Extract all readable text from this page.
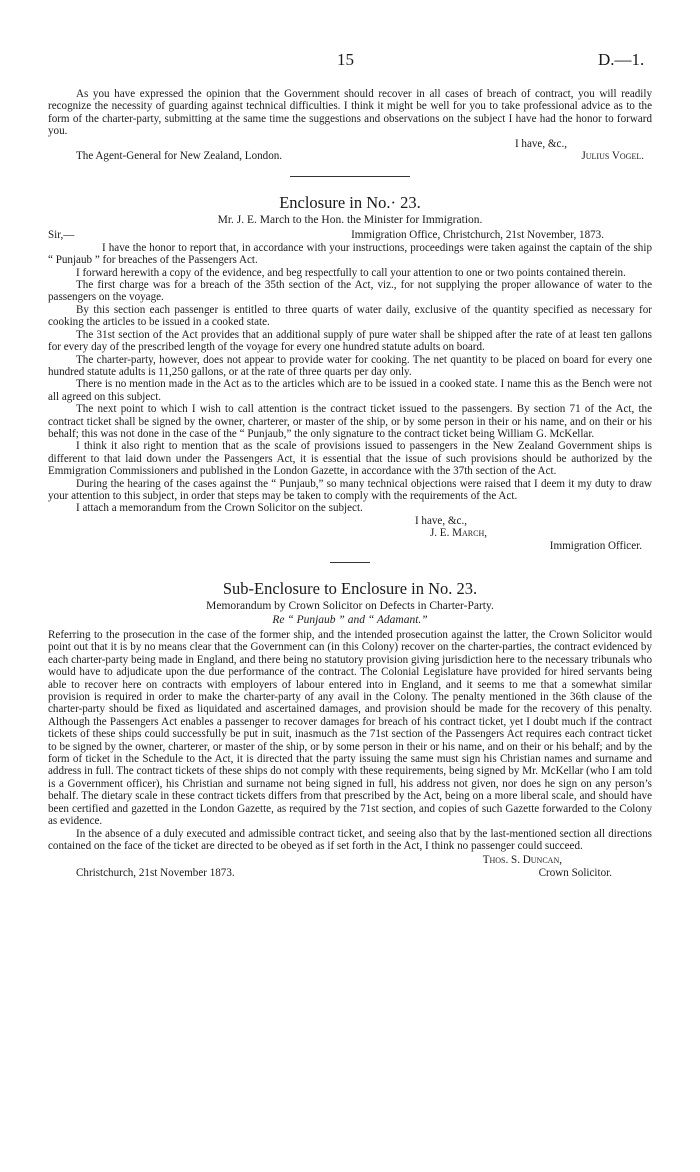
15	D.—1.

As you have expressed the opinion that the Government should recover in all cases of breach of contract, you will readily recognize the necessity of guarding against technical difficulties. I think it might be well for you to take professional advice as to the form of the charter-party, submitting at the same time the suggestions and observations on the subject I have had the honor to forward you.

I have, &c.,

The Agent-General for New Zealand, London.	Julius Vogel.
Enclosure in No.· 23.
Mr. J. E. March to the Hon. the Minister for Immigration.
Sir,—	Immigration Office, Christchurch, 21st November, 1873.

I have the honor to report that, in accordance with your instructions, proceedings were taken against the captain of the ship “ Punjaub ” for breaches of the Passengers Act.

I forward herewith a copy of the evidence, and beg respectfully to call your attention to one or two points contained therein.

The first charge was for a breach of the 35th section of the Act, viz., for not supplying the proper allowance of water to the passengers on the voyage.

By this section each passenger is entitled to three quarts of water daily, exclusive of the quantity specified as necessary for cooking the articles to be issued in a cooked state.

The 31st section of the Act provides that an additional supply of pure water shall be shipped after the rate of at least ten gallons for every day of the prescribed length of the voyage for every one hundred statute adults on board.

The charter-party, however, does not appear to provide water for cooking. The net quantity to be placed on board for every one hundred statute adults is 11,250 gallons, or at the rate of three quarts per day only.

There is no mention made in the Act as to the articles which are to be issued in a cooked state. I name this as the Bench were not all agreed on this subject.

The next point to which I wish to call attention is the contract ticket issued to the passengers. By section 71 of the Act, the contract ticket shall be signed by the owner, charterer, or master of the ship, or by some person in their or his name, and on their or his behalf; this was not done in the case of the “ Punjaub,” the only signature to the contract ticket being William G. McKellar.

I think it also right to mention that as the scale of provisions issued to passengers in the New Zealand Government ships is different to that laid down under the Passengers Act, it is essential that the issue of such provisions should be authorized by the Emmigration Commissioners and published in the London Gazette, in accordance with the 37th section of the Act.

During the hearing of the cases against the “ Punjaub,” so many technical objections were raised that I deem it my duty to draw your attention to this subject, in order that steps may be taken to comply with the requirements of the Act.

I attach a memorandum from the Crown Solicitor on the subject.

I have, &c.,

J. E. March,

Immigration Officer.

Sub-Enclosure to Enclosure in No. 23.
Memorandum by Crown Solicitor on Defects in Charter-Party.
Re “ Punjaub ” and “ Adamant.”

Referring to the prosecution in the case of the former ship, and the intended prosecution against the latter, the Crown Solicitor would point out that it is by no means clear that the Government can (in this Colony) recover on the charter-parties, the contract evidenced by each charter-party being made in England, and there being no statutory provision giving jurisdiction here to the necessary tribunals who would have to adjudicate upon the due performance of the contract. The Colonial Legislature have provided for hired servants being able to recover here on contracts with employers of labour entered into in England, and it seems to me that a somewhat similar provision is required in order to make the charter-party of any avail in the Colony. The penalty mentioned in the 36th clause of the charter-party should be fixed as liquidated and ascertained damages, and provision should be made for the recovery of this penalty. Although the Passengers Act enables a passenger to recover damages for breach of his contract ticket, yet I doubt much if the contract tickets of these ships could successfully be put in suit, inasmuch as the 71st section of the Passengers Act requires each contract ticket to be signed by the owner, charterer, or master of the ship, or by some person in their or his name, and on their or his behalf; and by the form of ticket in the Schedule to the Act, it is directed that the party issuing the same must sign his Christian names and surname and address in full. The contract tickets of these ships do not comply with these requirements, being signed by Mr. McKellar (who I am told is a Government officer), his Christian and surname not being signed in full, his address not given, nor does he sign on any person’s behalf. The dietary scale in these contract tickets differs from that prescribed by the Act, being on a more liberal scale, and should have been certified and gazetted in the London Gazette, as required by the 71st section, and copies of such Gazette forwarded to the Colony as evidence.

In the absence of a duly executed and admissible contract ticket, and seeing also that by the last-mentioned section all directions contained on the face of the ticket are directed to be obeyed as if set forth in the Act, I think no passenger could succeed.

Thos. S. Duncan,

Christchurch, 21st November 1873.	Crown Solicitor.
